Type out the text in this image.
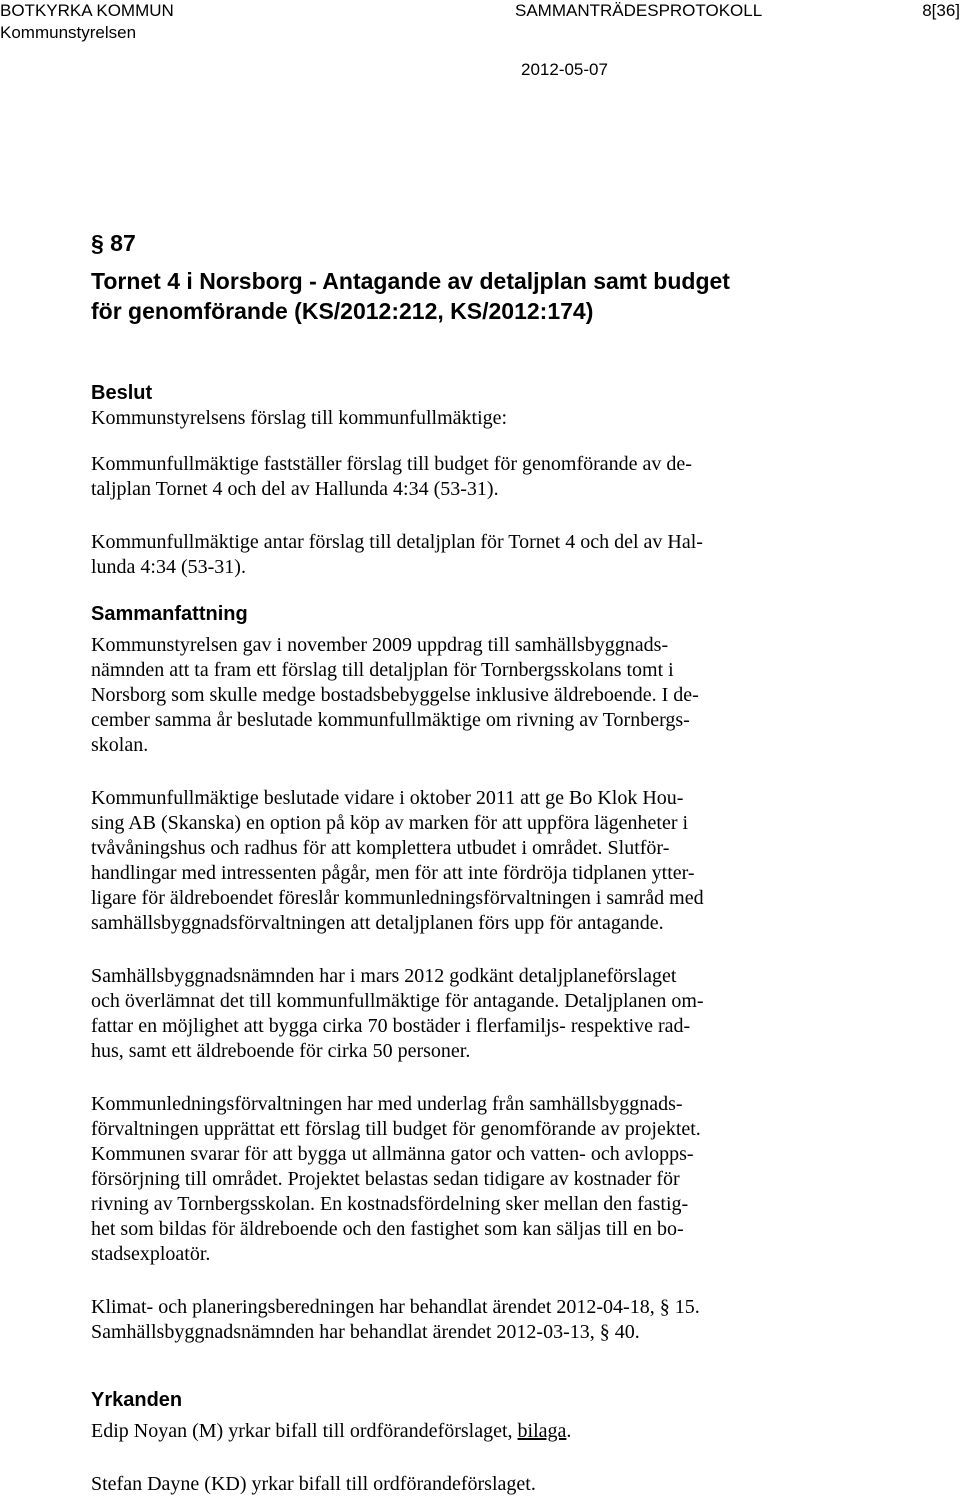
BOTKYRKA KOMMUN
Kommunstyrelsen
SAMMANTRÄDESPROTOKOLL	8[36]
2012-05-07
§ 87
Tornet 4 i Norsborg - Antagande av detaljplan samt budget
för genomförande (KS/2012:212, KS/2012:174)
Beslut

Kommunstyrelsens förslag till kommunfullmäktige:

Kommunfullmäktige fastställer förslag till budget för genomförande av de-
taljplan Tornet 4 och del av Hallunda 4:34 (53-31).

Kommunfullmäktige antar förslag till detaljplan för Tornet 4 och del av Hal-
lunda 4:34 (53-31).

Sammanfattning

Kommunstyrelsen gav i november 2009 uppdrag till samhällsbyggnads-
nämnden att ta fram ett förslag till detaljplan för Tornbergsskolans tomt i
Norsborg som skulle medge bostadsbebyggelse inklusive äldreboende. I de-
cember samma år beslutade kommunfullmäktige om rivning av Tornbergs-
skolan.

Kommunfullmäktige beslutade vidare i oktober 2011 att ge Bo Klok Hou-
sing AB (Skanska) en option på köp av marken för att uppföra lägenheter i
tvåvåningshus och radhus för att komplettera utbudet i området. Slutför-
handlingar med intressenten pågår, men för att inte fördröja tidplanen ytter-
ligare för äldreboendet föreslår kommunledningsförvaltningen i samråd med
samhällsbyggnadsförvaltningen att detaljplanen förs upp för antagande.

Samhällsbyggnadsnämnden har i mars 2012 godkänt detaljplaneförslaget
och överlämnat det till kommunfullmäktige för antagande. Detaljplanen om-
fattar en möjlighet att bygga cirka 70 bostäder i flerfamiljs- respektive rad-
hus, samt ett äldreboende för cirka 50 personer.

Kommunledningsförvaltningen har med underlag från samhällsbyggnads-
förvaltningen upprättat ett förslag till budget för genomförande av projektet.
Kommunen svarar för att bygga ut allmänna gator och vatten- och avlopps-
försörjning till området. Projektet belastas sedan tidigare av kostnader för
rivning av Tornbergsskolan. En kostnadsfördelning sker mellan den fastig-
het som bildas för äldreboende och den fastighet som kan säljas till en bo-
stadsexploatör.

Klimat- och planeringsberedningen har behandlat ärendet 2012-04-18, § 15.
Samhällsbyggnadsnämnden har behandlat ärendet 2012-03-13, § 40.

Yrkanden

Edip Noyan (M) yrkar bifall till ordförandeförslaget, bilaga.

Stefan Dayne (KD) yrkar bifall till ordförandeförslaget.
